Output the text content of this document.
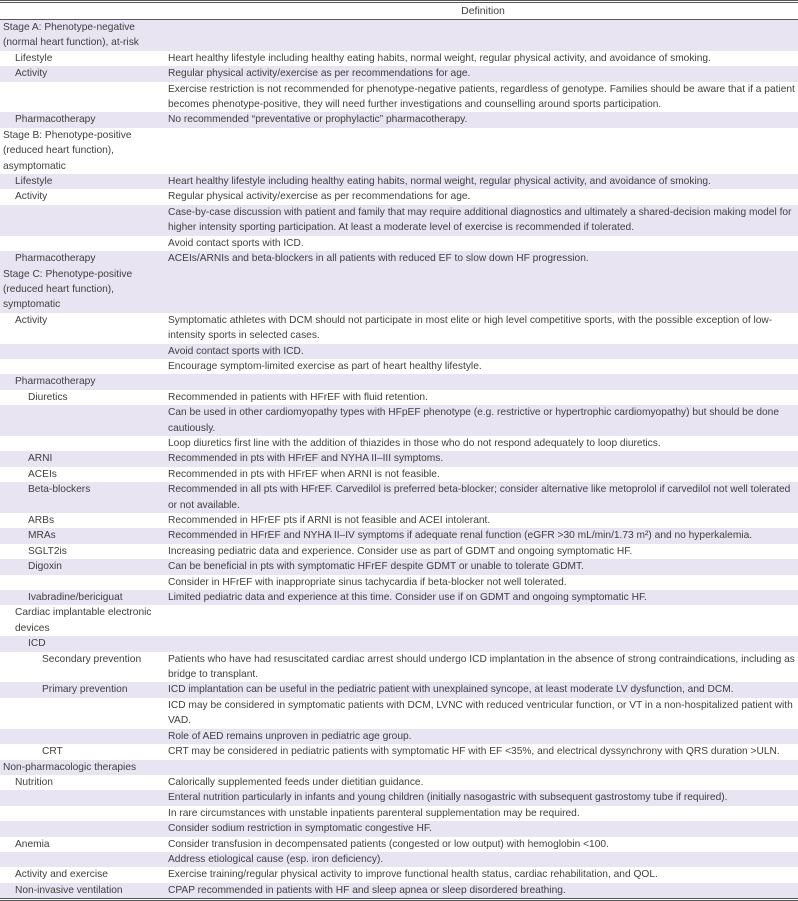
Definition
Stage A: Phenotype-negative (normal heart function), at-risk
Lifestyle	Heart healthy lifestyle including healthy eating habits, normal weight, regular physical activity, and avoidance of smoking.
Activity	Regular physical activity/exercise as per recommendations for age.
Exercise restriction is not recommended for phenotype-negative patients, regardless of genotype. Families should be aware that if a patient becomes phenotype-positive, they will need further investigations and counselling around sports participation.
Pharmacotherapy	No recommended “preventative or prophylactic” pharmacotherapy.
Stage B: Phenotype-positive (reduced heart function), asymptomatic
Lifestyle	Heart healthy lifestyle including healthy eating habits, normal weight, regular physical activity, and avoidance of smoking.
Activity	Regular physical activity/exercise as per recommendations for age.
Case-by-case discussion with patient and family that may require additional diagnostics and ultimately a shared-decision making model for higher intensity sporting participation. At least a moderate level of exercise is recommended if tolerated.
Avoid contact sports with ICD.
Pharmacotherapy	ACEIs/ARNIs and beta-blockers in all patients with reduced EF to slow down HF progression.
Stage C: Phenotype-positive (reduced heart function), symptomatic
Activity	Symptomatic athletes with DCM should not participate in most elite or high level competitive sports, with the possible exception of low-intensity sports in selected cases.
Avoid contact sports with ICD.
Encourage symptom-limited exercise as part of heart healthy lifestyle.
Pharmacotherapy
Diuretics	Recommended in patients with HFrEF with fluid retention.
Can be used in other cardiomyopathy types with HFpEF phenotype (e.g. restrictive or hypertrophic cardiomyopathy) but should be done cautiously.
Loop diuretics first line with the addition of thiazides in those who do not respond adequately to loop diuretics.
ARNI	Recommended in pts with HFrEF and NYHA II–III symptoms.
ACEIs	Recommended in pts with HFrEF when ARNI is not feasible.
Beta-blockers	Recommended in all pts with HFrEF. Carvedilol is preferred beta-blocker; consider alternative like metoprolol if carvedilol not well tolerated or not available.
ARBs	Recommended in HFrEF pts if ARNI is not feasible and ACEI intolerant.
MRAs	Recommended in HFrEF and NYHA II–IV symptoms if adequate renal function (eGFR >30 mL/min/1.73 m²) and no hyperkalemia.
SGLT2is	Increasing pediatric data and experience. Consider use as part of GDMT and ongoing symptomatic HF.
Digoxin	Can be beneficial in pts with symptomatic HFrEF despite GDMT or unable to tolerate GDMT.
Consider in HFrEF with inappropriate sinus tachycardia if beta-blocker not well tolerated.
Ivabradine/bericiguat	Limited pediatric data and experience at this time. Consider use if on GDMT and ongoing symptomatic HF.
Cardiac implantable electronic devices
ICD
Secondary prevention	Patients who have had resuscitated cardiac arrest should undergo ICD implantation in the absence of strong contraindications, including as bridge to transplant.
Primary prevention	ICD implantation can be useful in the pediatric patient with unexplained syncope, at least moderate LV dysfunction, and DCM.
ICD may be considered in symptomatic patients with DCM, LVNC with reduced ventricular function, or VT in a non-hospitalized patient with VAD.
Role of AED remains unproven in pediatric age group.
CRT	CRT may be considered in pediatric patients with symptomatic HF with EF <35%, and electrical dyssynchrony with QRS duration >ULN.
Non-pharmacologic therapies
Nutrition	Calorically supplemented feeds under dietitian guidance.
Enteral nutrition particularly in infants and young children (initially nasogastric with subsequent gastrostomy tube if required).
In rare circumstances with unstable inpatients parenteral supplementation may be required.
Consider sodium restriction in symptomatic congestive HF.
Anemia	Consider transfusion in decompensated patients (congested or low output) with hemoglobin <100.
Address etiological cause (esp. iron deficiency).
Activity and exercise	Exercise training/regular physical activity to improve functional health status, cardiac rehabilitation, and QOL.
Non-invasive ventilation	CPAP recommended in patients with HF and sleep apnea or sleep disordered breathing.
